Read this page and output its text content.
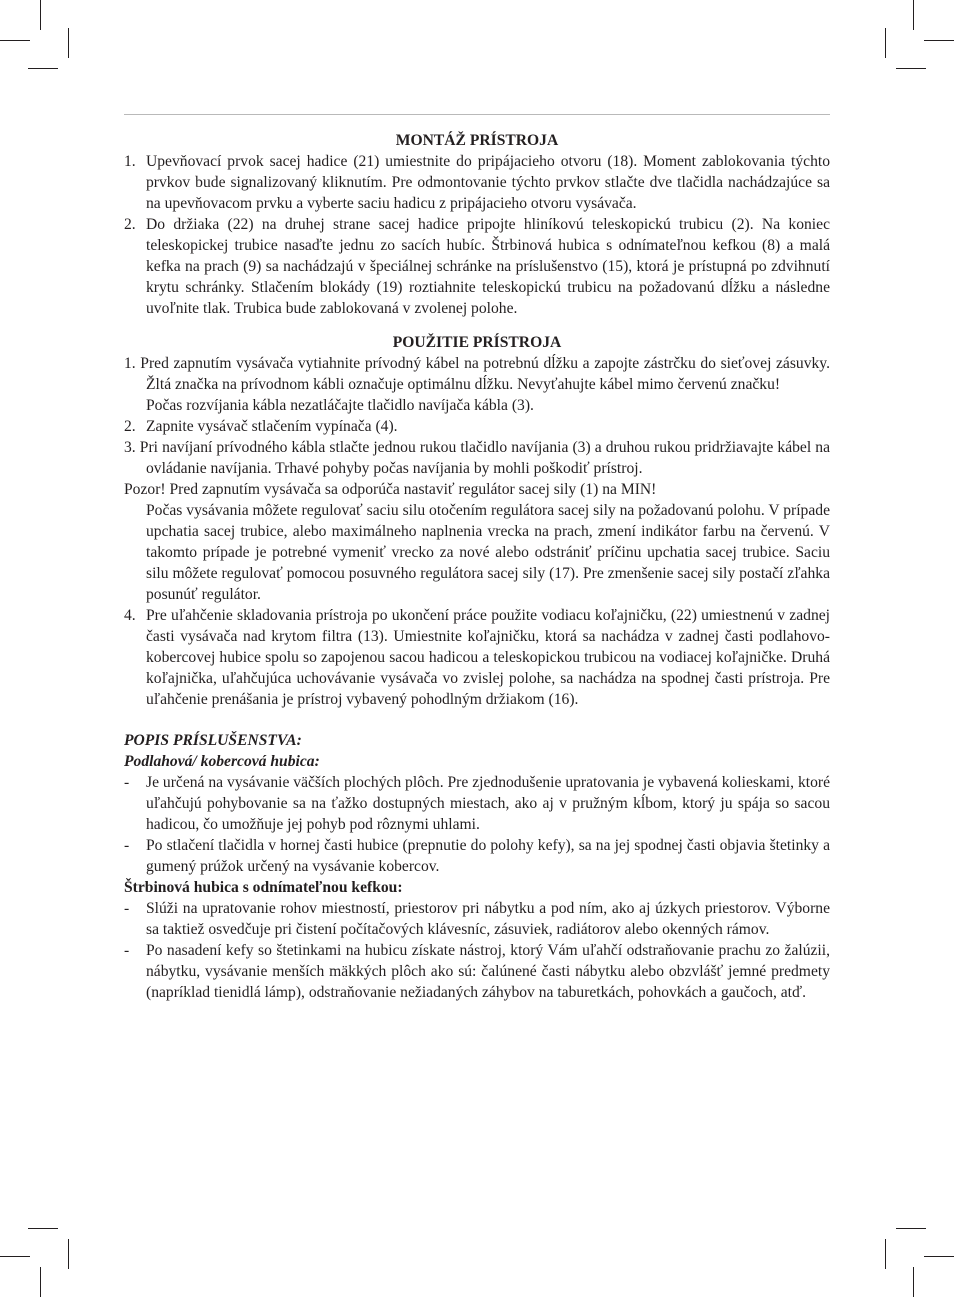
MONTÁŽ PRÍSTROJA
1. Upevňovací prvok sacej hadice (21) umiestnite do pripájacieho otvoru (18). Moment zablokovania týchto prvkov bude signalizovaný kliknutím. Pre odmontovanie týchto prvkov stlačte dve tlačidla nachádzajúce sa na upevňovacom prvku a vyberte saciu hadicu z pripájacieho otvoru vysávača.
2. Do držiaka (22) na druhej strane sacej hadice pripojte hliníkovú teleskopickú trubicu (2). Na koniec teleskopickej trubice nasaďte jednu zo sacích hubíc. Štrbinová hubica s odnímateľnou kefkou (8) a malá kefka na prach (9) sa nachádzajú v špeciálnej schránke na príslušenstvo (15), ktorá je prístupná po zdvihnutí krytu schránky. Stlačením blokády (19) roztiahnite teleskopickú trubicu na požadovanú dĺžku a následne uvoľnite tlak. Trubica bude zablokovaná v zvolenej polohe.
POUŽITIE PRÍSTROJA
1. Pred zapnutím vysávača vytiahnite prívodný kábel na potrebnú dĺžku a zapojte zástrčku do sieťovej zásuvky. Žltá značka na prívodnom kábli označuje optimálnu dĺžku. Nevyťahujte kábel mimo červenú značku!
Počas rozvíjania kábla nezatláčajte tlačidlo navíjača kábla (3).
2. Zapnite vysávač stlačením vypínača (4).
3. Pri navíjaní prívodného kábla stlačte jednou rukou tlačidlo navíjania (3) a druhou rukou pridržiavajte kábel na ovládanie navíjania. Trhavé pohyby počas navíjania by mohli poškodiť prístroj.
Pozor! Pred zapnutím vysávača sa odporúča nastaviť regulátor sacej sily (1) na MIN!
Počas vysávania môžete regulovať saciu silu otočením regulátora sacej sily na požadovanú polohu. V prípade upchatia sacej trubice, alebo maximálneho naplnenia vrecka na prach, zmení indikátor farbu na červenú. V takomto prípade je potrebné vymeniť vrecko za nové alebo odstrániť príčinu upchatia sacej trubice. Saciu silu môžete regulovať pomocou posuvného regulátora sacej sily (17). Pre zmenšenie sacej sily postačí zľahka posunúť regulátor.
4. Pre uľahčenie skladovania prístroja po ukončení práce použite vodiacu koľajničku, (22) umiestnenú v zadnej časti vysávača nad krytom filtra (13). Umiestnite koľajničku, ktorá sa nachádza v zadnej časti podlahovo-kobercovej hubice spolu so zapojenou sacou hadicou a teleskopickou trubicou na vodiacej koľajničke. Druhá koľajnička, uľahčujúca uchovávanie vysávača vo zvislej polohe, sa nachádza na spodnej časti prístroja. Pre uľahčenie prenášania je prístroj vybavený pohodlným držiakom (16).
POPIS PRÍSLUŠENSTVA:
Podlahová/ kobercová hubica:
- Je určená na vysávanie väčších plochých plôch. Pre zjednodušenie upratovania je vybavená kolieskami, ktoré uľahčujú pohybovanie sa na ťažko dostupných miestach, ako aj v pružným kĺbom, ktorý ju spája so sacou hadicou, čo umožňuje jej pohyb pod rôznymi uhlami.
- Po stlačení tlačidla v hornej časti hubice (prepnutie do polohy kefy), sa na jej spodnej časti objavia štetinky a gumený prúžok určený na vysávanie kobercov.
Štrbinová hubica s odnímateľnou kefkou:
- Slúži na upratovanie rohov miestností, priestorov pri nábytku a pod ním, ako aj úzkych priestorov. Výborne sa taktiež osvedčuje pri čistení počítačových klávesníc, zásuviek, radiátorov alebo okenných rámov.
- Po nasadení kefy so štetinkami na hubicu získate nástroj, ktorý Vám uľahčí odstraňovanie prachu zo žalúzii, nábytku, vysávanie menších mäkkých plôch ako sú: čalúnené časti nábytku alebo obzvlášť jemné predmety (napríklad tienidlá lámp), odstraňovanie nežiadaných záhybov na taburetkách, pohovkách a gaučoch, atď.
